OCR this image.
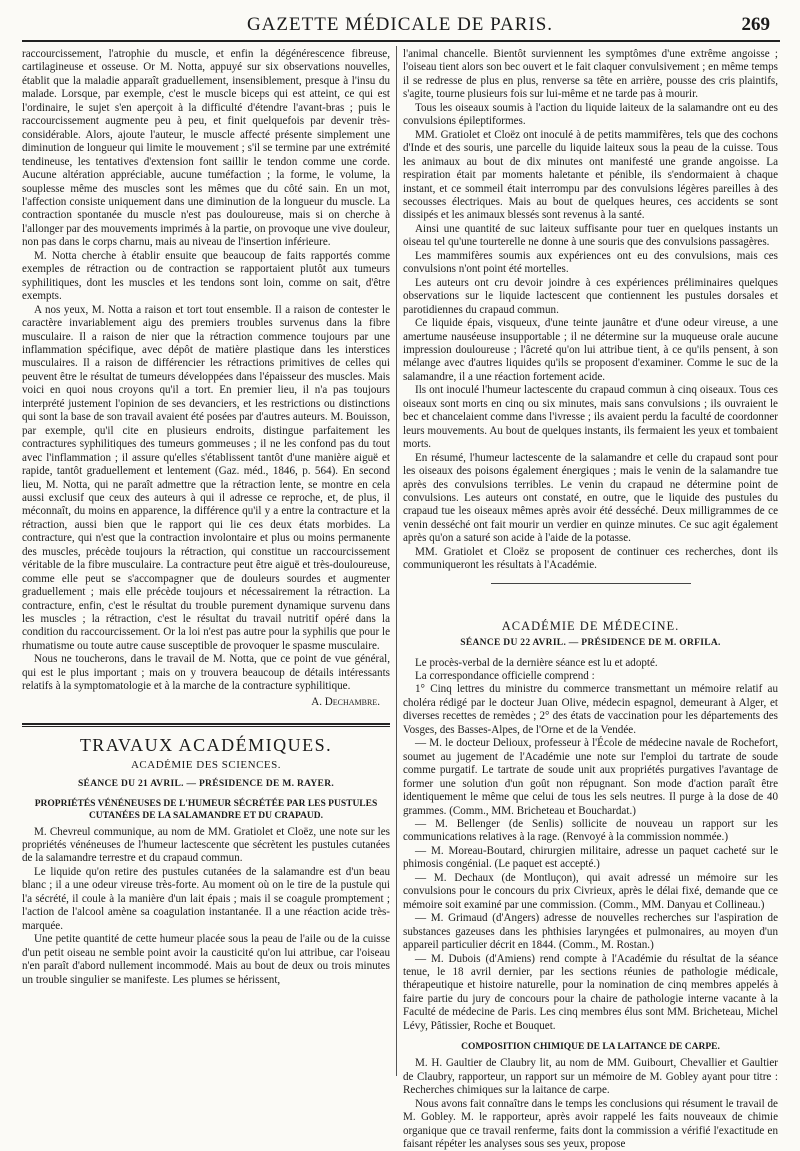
GAZETTE MÉDICALE DE PARIS.	269

raccourcissement, l'atrophie du muscle, et enfin la dégénérescence fibreuse, cartilagineuse et osseuse. Or M. Notta, appuyé sur six observations nouvelles, établit que la maladie apparaît graduellement, insensiblement, presque à l'insu du malade. Lorsque, par exemple, c'est le muscle biceps qui est atteint, ce qui est l'ordinaire, le sujet s'en aperçoit à la difficulté d'étendre l'avant-bras ; puis le raccourcissement augmente peu à peu, et finit quelquefois par devenir très-considérable. Alors, ajoute l'auteur, le muscle affecté présente simplement une diminution de longueur qui limite le mouvement ; s'il se termine par une extrémité tendineuse, les tentatives d'extension font saillir le tendon comme une corde. Aucune altération appréciable, aucune tuméfaction ; la forme, le volume, la souplesse même des muscles sont les mêmes que du côté sain. En un mot, l'affection consiste uniquement dans une diminution de la longueur du muscle. La contraction spontanée du muscle n'est pas douloureuse, mais si on cherche à l'allonger par des mouvements imprimés à la partie, on provoque une vive douleur, non pas dans le corps charnu, mais au niveau de l'insertion inférieure.

M. Notta cherche à établir ensuite que beaucoup de faits rapportés comme exemples de rétraction ou de contraction se rapportaient plutôt aux tumeurs syphilitiques, dont les muscles et les tendons sont loin, comme on sait, d'être exempts.

A nos yeux, M. Notta a raison et tort tout ensemble. Il a raison de contester le caractère invariablement aigu des premiers troubles survenus dans la fibre musculaire. Il a raison de nier que la rétraction commence toujours par une inflammation spécifique, avec dépôt de matière plastique dans les interstices musculaires. Il a raison de différencier les rétractions primitives de celles qui peuvent être le résultat de tumeurs développées dans l'épaisseur des muscles. Mais voici en quoi nous croyons qu'il a tort. En premier lieu, il n'a pas toujours interprété justement l'opinion de ses devanciers, et les restrictions ou distinctions qui sont la base de son travail avaient été posées par d'autres auteurs. M. Bouisson, par exemple, qu'il cite en plusieurs endroits, distingue parfaitement les contractures syphilitiques des tumeurs gommeuses ; il ne les confond pas du tout avec l'inflammation ; il assure qu'elles s'établissent tantôt d'une manière aiguë et rapide, tantôt graduellement et lentement (Gaz. méd., 1846, p. 564). En second lieu, M. Notta, qui ne paraît admettre que la rétraction lente, se montre en cela aussi exclusif que ceux des auteurs à qui il adresse ce reproche, et, de plus, il méconnaît, du moins en apparence, la différence qu'il y a entre la contracture et la rétraction, aussi bien que le rapport qui lie ces deux états morbides. La contracture, qui n'est que la contraction involontaire et plus ou moins permanente des muscles, précède toujours la rétraction, qui constitue un raccourcissement véritable de la fibre musculaire. La contracture peut être aiguë et très-douloureuse, comme elle peut se s'accompagner que de douleurs sourdes et augmenter graduellement ; mais elle précède toujours et nécessairement la rétraction. La contracture, enfin, c'est le résultat du trouble purement dynamique survenu dans les muscles ; la rétraction, c'est le résultat du travail nutritif opéré dans la condition du raccourcissement. Or la loi n'est pas autre pour la syphilis que pour le rhumatisme ou toute autre cause susceptible de provoquer le spasme musculaire.

Nous ne toucherons, dans le travail de M. Notta, que ce point de vue général, qui est le plus important ; mais on y trouvera beaucoup de détails intéressants relatifs à la symptomatologie et à la marche de la contracture syphilitique.

A. Dechambre.

TRAVAUX ACADÉMIQUES.
ACADÉMIE DES SCIENCES.
SÉANCE DU 21 AVRIL. — PRÉSIDENCE DE M. RAYER.
PROPRIÉTÉS VÉNÉNEUSES DE L'HUMEUR SÉCRÉTÉE PAR LES PUSTULES CUTANÉES DE LA SALAMANDRE ET DU CRAPAUD.

M. Chevreul communique, au nom de MM. Gratiolet et Cloëz, une note sur les propriétés vénéneuses de l'humeur lactescente que sécrètent les pustules cutanées de la salamandre terrestre et du crapaud commun.

Le liquide qu'on retire des pustules cutanées de la salamandre est d'un beau blanc ; il a une odeur vireuse très-forte. Au moment où on le tire de la pustule qui l'a sécrété, il coule à la manière d'un lait épais ; mais il se coagule promptement ; l'action de l'alcool amène sa coagulation instantanée. Il a une réaction acide très-marquée.

Une petite quantité de cette humeur placée sous la peau de l'aile ou de la cuisse d'un petit oiseau ne semble point avoir la causticité qu'on lui attribue, car l'oiseau n'en paraît d'abord nullement incommodé. Mais au bout de deux ou trois minutes un trouble singulier se manifeste. Les plumes se hérissent,

l'animal chancelle. Bientôt surviennent les symptômes d'une extrême angoisse ; l'oiseau tient alors son bec ouvert et le fait claquer convulsivement ; en même temps il se redresse de plus en plus, renverse sa tête en arrière, pousse des cris plaintifs, s'agite, tourne plusieurs fois sur lui-même et ne tarde pas à mourir.

Tous les oiseaux soumis à l'action du liquide laiteux de la salamandre ont eu des convulsions épileptiformes.

MM. Gratiolet et Cloëz ont inoculé à de petits mammifères, tels que des cochons d'Inde et des souris, une parcelle du liquide laiteux sous la peau de la cuisse. Tous les animaux au bout de dix minutes ont manifesté une grande angoisse. La respiration était par moments haletante et pénible, ils s'endormaient à chaque instant, et ce sommeil était interrompu par des convulsions légères pareilles à des secousses électriques. Mais au bout de quelques heures, ces accidents se sont dissipés et les animaux blessés sont revenus à la santé.

Ainsi une quantité de suc laiteux suffisante pour tuer en quelques instants un oiseau tel qu'une tourterelle ne donne à une souris que des convulsions passagères.

Les mammifères soumis aux expériences ont eu des convulsions, mais ces convulsions n'ont point été mortelles.

Les auteurs ont cru devoir joindre à ces expériences préliminaires quelques observations sur le liquide lactescent que contiennent les pustules dorsales et parotidiennes du crapaud commun.

Ce liquide épais, visqueux, d'une teinte jaunâtre et d'une odeur vireuse, a une amertume nauséeuse insupportable ; il ne détermine sur la muqueuse orale aucune impression douloureuse ; l'âcreté qu'on lui attribue tient, à ce qu'ils pensent, à son mélange avec d'autres liquides qu'ils se proposent d'examiner. Comme le suc de la salamandre, il a une réaction fortement acide.

Ils ont inoculé l'humeur lactescente du crapaud commun à cinq oiseaux. Tous ces oiseaux sont morts en cinq ou six minutes, mais sans convulsions ; ils ouvraient le bec et chancelaient comme dans l'ivresse ; ils avaient perdu la faculté de coordonner leurs mouvements. Au bout de quelques instants, ils fermaient les yeux et tombaient morts.

En résumé, l'humeur lactescente de la salamandre et celle du crapaud sont pour les oiseaux des poisons également énergiques ; mais le venin de la salamandre tue après des convulsions terribles. Le venin du crapaud ne détermine point de convulsions. Les auteurs ont constaté, en outre, que le liquide des pustules du crapaud tue les oiseaux mêmes après avoir été desséché. Deux milligrammes de ce venin desséché ont fait mourir un verdier en quinze minutes. Ce suc agit également après qu'on a saturé son acide à l'aide de la potasse.

MM. Gratiolet et Cloëz se proposent de continuer ces recherches, dont ils communiqueront les résultats à l'Académie.

ACADÉMIE DE MÉDECINE.
SÉANCE DU 22 AVRIL. — PRÉSIDENCE DE M. ORFILA.

Le procès-verbal de la dernière séance est lu et adopté.

La correspondance officielle comprend :

1° Cinq lettres du ministre du commerce transmettant un mémoire relatif au choléra rédigé par le docteur Juan Olive, médecin espagnol, demeurant à Alger, et diverses recettes de remèdes ; 2° des états de vaccination pour les départements des Vosges, des Basses-Alpes, de l'Orne et de la Vendée.

— M. le docteur Delioux, professeur à l'École de médecine navale de Rochefort, soumet au jugement de l'Académie une note sur l'emploi du tartrate de soude comme purgatif. Le tartrate de soude unit aux propriétés purgatives l'avantage de former une solution d'un goût non répugnant. Son mode d'action paraît être identiquement le même que celui de tous les sels neutres. Il purge à la dose de 40 grammes. (Comm., MM. Bricheteau et Bouchardat.)

— M. Bellenger (de Senlis) sollicite de nouveau un rapport sur les communications relatives à la rage. (Renvoyé à la commission nommée.)

— M. Moreau-Boutard, chirurgien militaire, adresse un paquet cacheté sur le phimosis congénial. (Le paquet est accepté.)

— M. Dechaux (de Montluçon), qui avait adressé un mémoire sur les convulsions pour le concours du prix Civrieux, après le délai fixé, demande que ce mémoire soit examiné par une commission. (Comm., MM. Danyau et Collineau.)

— M. Grimaud (d'Angers) adresse de nouvelles recherches sur l'aspiration de substances gazeuses dans les phthisies laryngées et pulmonaires, au moyen d'un appareil particulier décrit en 1844. (Comm., M. Rostan.)

— M. Dubois (d'Amiens) rend compte à l'Académie du résultat de la séance tenue, le 18 avril dernier, par les sections réunies de pathologie médicale, thérapeutique et histoire naturelle, pour la nomination de cinq membres appelés à faire partie du jury de concours pour la chaire de pathologie interne vacante à la Faculté de médecine de Paris. Les cinq membres élus sont MM. Bricheteau, Michel Lévy, Pâtissier, Roche et Bouquet.

COMPOSITION CHIMIQUE DE LA LAITANCE DE CARPE.

M. H. Gaultier de Claubry lit, au nom de MM. Guibourt, Chevallier et Gaultier de Claubry, rapporteur, un rapport sur un mémoire de M. Gobley ayant pour titre : Recherches chimiques sur la laitance de carpe.

Nous avons fait connaître dans le temps les conclusions qui résument le travail de M. Gobley. M. le rapporteur, après avoir rappelé les faits nouveaux de chimie organique que ce travail renferme, faits dont la commission a vérifié l'exactitude en faisant répéter les analyses sous ses yeux, propose
